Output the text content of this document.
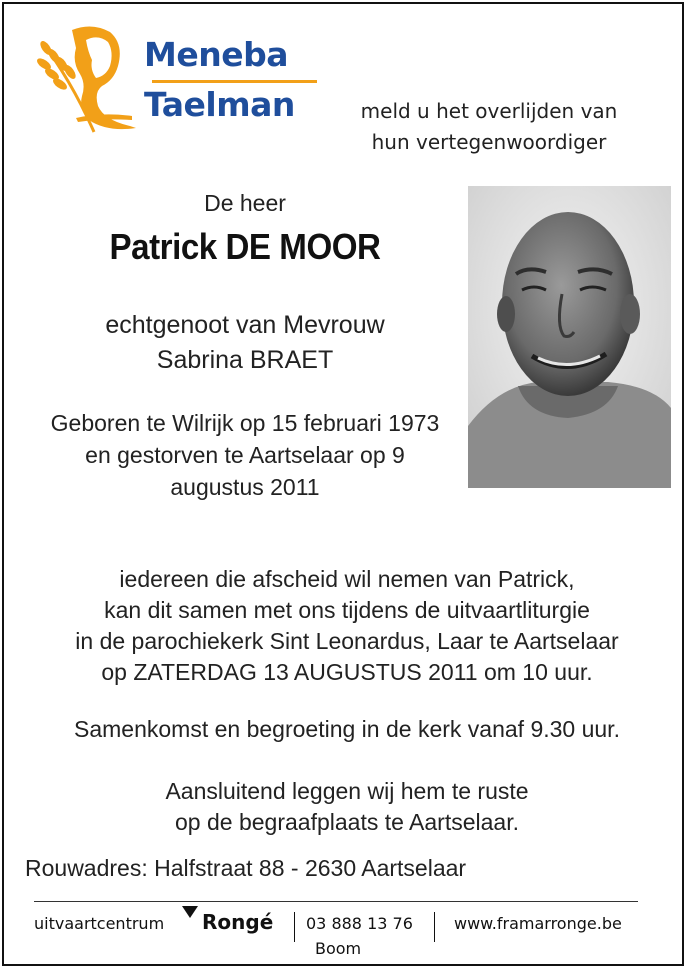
Meneba
Taelman	meld u het overlijden van
hun vertegenwoordiger
De heer
Patrick DE MOOR
echtgenoot van Mevrouw
Sabrina BRAET
Geboren te Wilrijk op 15 februari 1973
en gestorven te Aartselaar op 9
augustus 2011
iedereen die afscheid wil nemen van Patrick,
kan dit samen met ons tijdens de uitvaartliturgie
in de parochiekerk Sint Leonardus, Laar te Aartselaar
op ZATERDAG 13 AUGUSTUS 2011 om 10 uur.
Samenkomst en begroeting in de kerk vanaf 9.30 uur.
Aansluitend leggen wij hem te ruste
op de begraafplaats te Aartselaar.
Rouwadres: Halfstraat 88 - 2630 Aartselaar
uitvaartcentrum Rongé 03 888 13 76
Boom
www.framarronge.be
